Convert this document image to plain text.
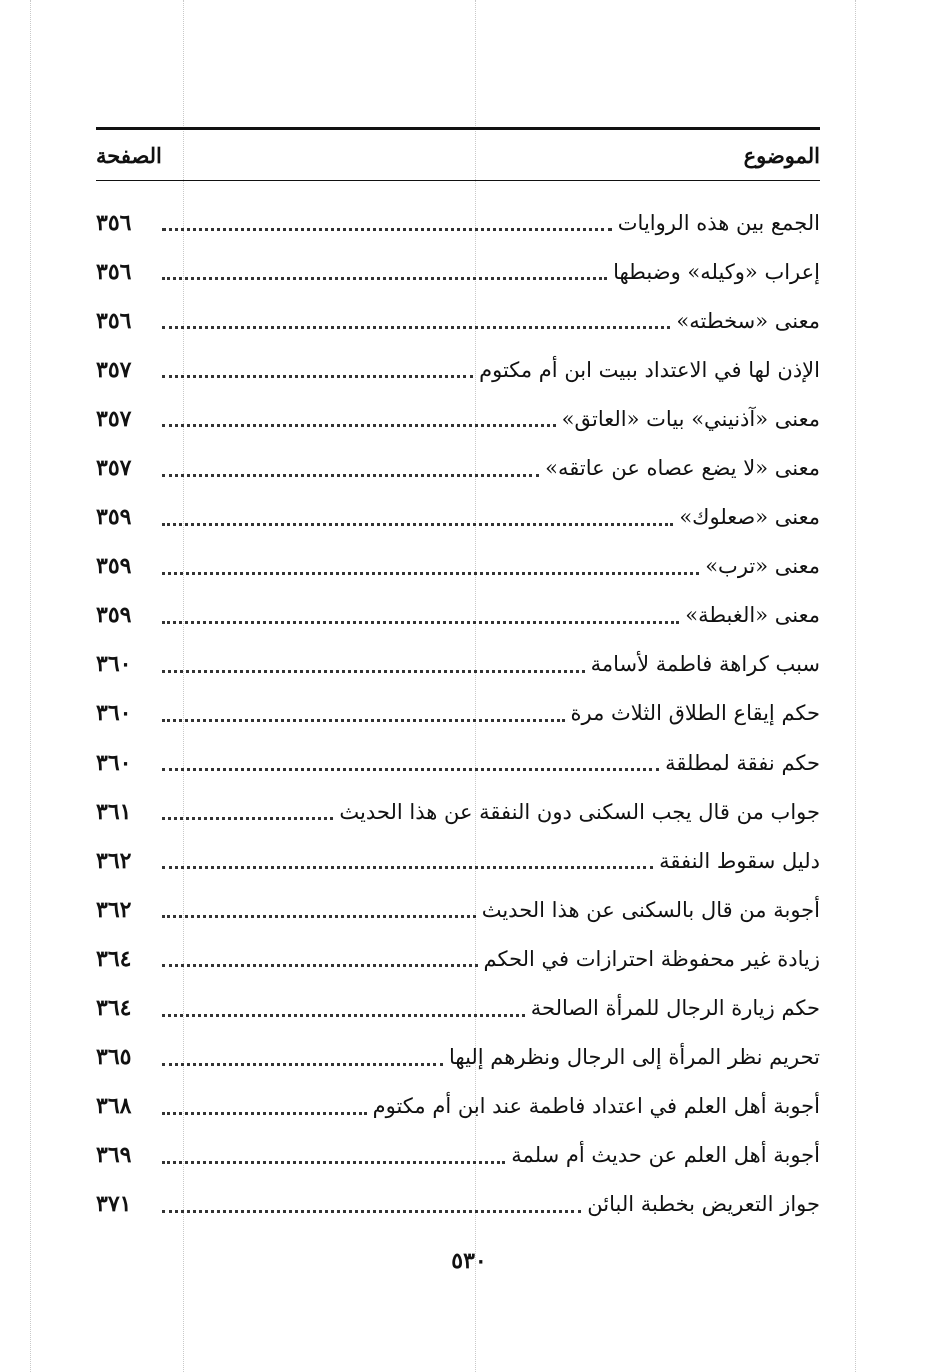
الموضوع
الصفحة
الجمع بين هذه الروايات
٣٥٦
إعراب «وكيله» وضبطها
٣٥٦
معنى «سخطته»
٣٥٦
الإذن لها في الاعتداد ببيت ابن أم مكتوم
٣٥٧
معنى «آذنيني» بيات «العاتق»
٣٥٧
معنى «لا يضع عصاه عن عاتقه»
٣٥٧
معنى «صعلوك»
٣٥٩
معنى «ترب»
٣٥٩
معنى «الغبطة»
٣٥٩
سبب كراهة فاطمة لأسامة
٣٦٠
حكم إيقاع الطلاق الثلاث مرة
٣٦٠
حكم نفقة لمطلقة
٣٦٠
جواب من قال يجب السكنى دون النفقة عن هذا الحديث
٣٦١
دليل سقوط النفقة
٣٦٢
أجوبة من قال بالسكنى عن هذا الحديث
٣٦٢
زيادة غير محفوظة احترازات في الحكم
٣٦٤
حكم زيارة الرجال للمرأة الصالحة
٣٦٤
تحريم نظر المرأة إلى الرجال ونظرهم إليها
٣٦٥
أجوبة أهل العلم في اعتداد فاطمة عند ابن أم مكتوم
٣٦٨
أجوبة أهل العلم عن حديث أم سلمة
٣٦٩
جواز التعريض بخطبة البائن
٣٧١
٥٣٠
